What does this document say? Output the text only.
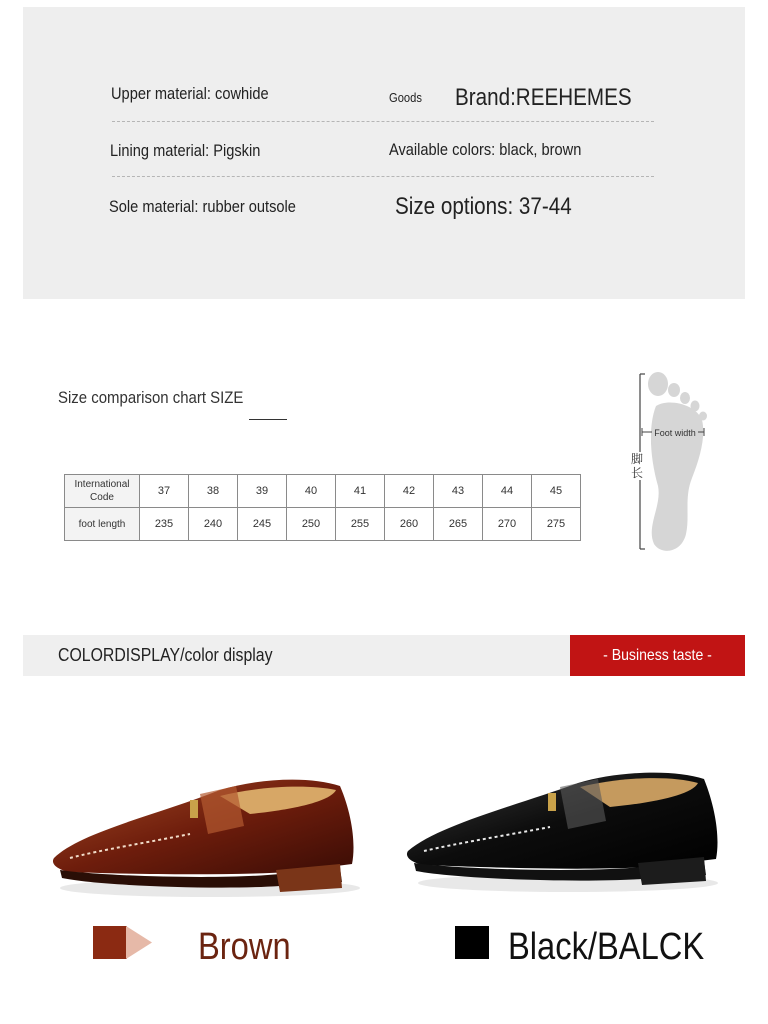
Upper material: cowhide	Goods Brand:REEHEMES
Lining material: Pigskin	Available colors: black, brown
Sole material: rubber outsole	Size options: 37-44
Size comparison chart SIZE
International
Code	37	38	39	40	41	42	43	44	45
foot length	235	240	245	250	255	260	265	270	275
Foot width
脚
长
COLORDISPLAY/color display	- Business taste -
Brown	Black/BALCK
